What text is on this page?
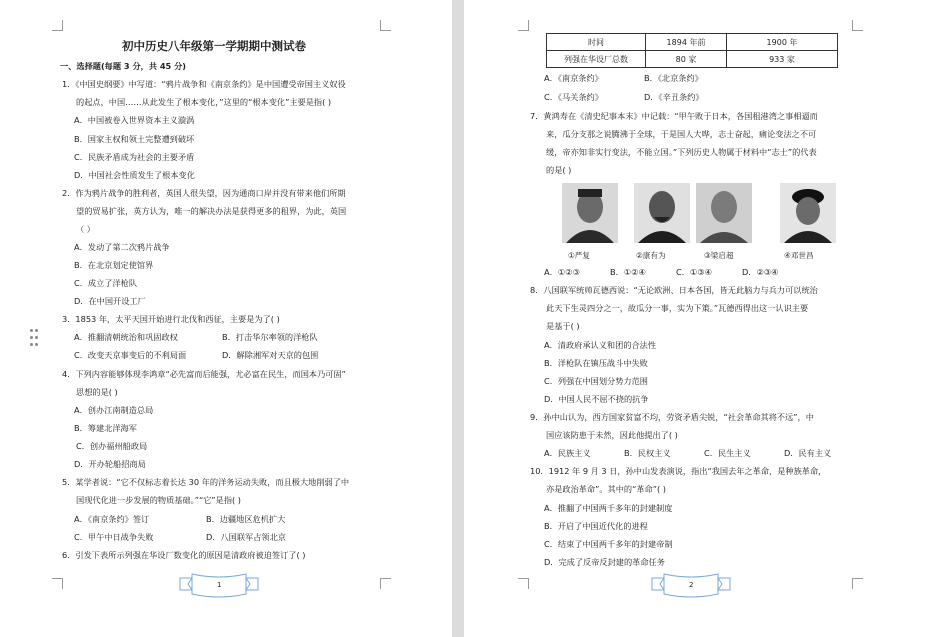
初中历史八年级第一学期期中测试卷
一、选择题(每题 3 分，共 45 分)
1．《中国史纲要》中写道：“鸦片战争和《南京条约》是中国遭受帝国主义奴役
的起点，中国……从此发生了根本变化，”这里的“根本变化”主要是指( )
A．中国被卷入世界资本主义漩涡
B．国家主权和领土完整遭到破坏
C．民族矛盾成为社会的主要矛盾
D．中国社会性质发生了根本变化
2．作为鸦片战争的胜利者，英国人很失望，因为通商口岸并没有带来他们所期
望的贸易扩张，英方认为，唯一的解决办法是获得更多的租界，为此，英国
（ ）
A．发动了第二次鸦片战争
B．在北京划定使馆界
C．成立了洋枪队
D．在中国开设工厂
3．1853 年，太平天国开始进行北伐和西征，主要是为了( )
A．推翻清朝统治和巩固政权	B．打击华尔率领的洋枪队
C．改变天京事变后的不利局面	D．解除湘军对天京的包围
4．下列内容能够体现李鸿章“必先富而后能强，尤必富在民生，而国本乃可固”
思想的是( )
A．创办江南制造总局
B．筹建北洋海军
C．创办福州船政局
D．开办轮船招商局
5．某学者说：“它不仅标志着长达 30 年的洋务运动失败，而且极大地削弱了中
国现代化进一步发展的物质基础。”“它”是指( )
A．《南京条约》签订	B．边疆地区危机扩大
C．甲午中日战争失败	D．八国联军占领北京
6．引发下表所示列强在华设厂数变化的原因是清政府被迫签订了( )
1
时间	1894 年前	1900 年
列强在华设厂总数	80 家	933 家
A．《南京条约》	B．《北京条约》
C．《马关条约》	D．《辛丑条约》
7．黄鸿寿在《清史纪事本末》中记载：“甲午败于日本，各国租港湾之事相逼而
来，瓜分支那之说腾沸于全球，于是国人大哗，志士奋起，痛论变法之不可
缓，帝亦知非实行变法，不能立国。”下列历史人物属于材料中“志士”的代表
的是( )
①严复	②康有为	③梁启超	④邓世昌
A．①②③	B．①②④	C．①③④	D．②③④
8．八国联军统帅瓦德西说：“无论欧洲、日本各国，皆无此脑力与兵力可以统治
此天下生灵四分之一，故瓜分一事，实为下策。”瓦德西得出这一认识主要
是基于( )
A．清政府承认义和团的合法性
B．洋枪队在镇压战斗中失败
C．列强在中国划分势力范围
D．中国人民不屈不挠的抗争
9．孙中山认为，西方国家贫富不均，劳资矛盾尖锐，“社会革命其将不远”，中
国应该防患于未然，因此他提出了( )
A．民族主义	B．民权主义	C．民生主义	D．民有主义
10．1912 年 9 月 3 日，孙中山发表演说，指出“我国去年之革命，是种族革命，
亦是政治革命”。其中的“革命”( )
A．推翻了中国两千多年的封建制度
B．开启了中国近代化的进程
C．结束了中国两千多年的封建帝制
D．完成了反帝反封建的革命任务
2
